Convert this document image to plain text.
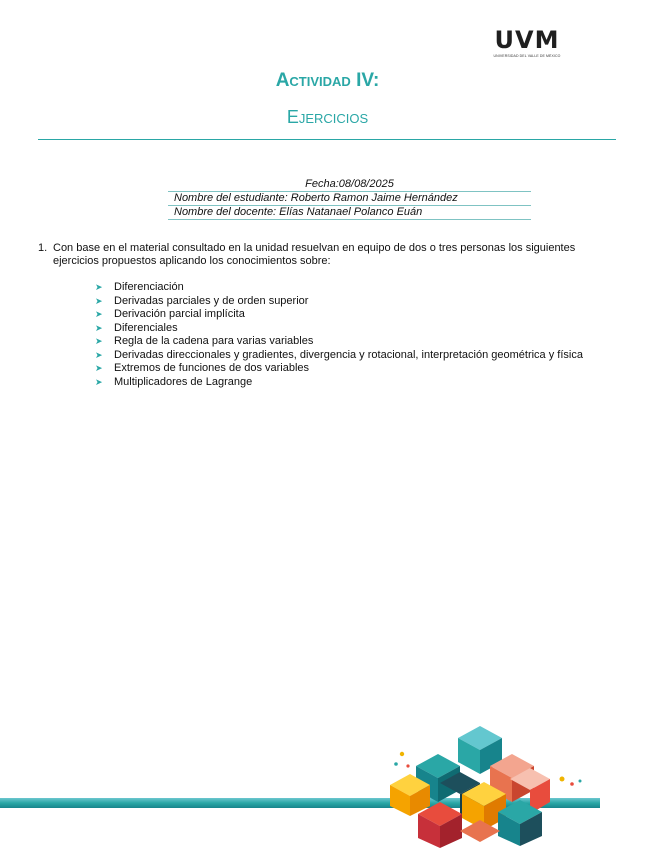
UVM
UNIVERSIDAD DEL VALLE DE MÉXICO
Actividad IV:
Ejercicios
Fecha:08/08/2025
Nombre del estudiante: Roberto Ramon Jaime Hernández
Nombre del docente: Elías Natanael Polanco Euán
1. Con base en el material consultado en la unidad resuelvan en equipo de dos o tres personas los siguientes ejercicios propuestos aplicando los conocimientos sobre:
➤ Diferenciación
➤ Derivadas parciales y de orden superior
➤ Derivación parcial implícita
➤ Diferenciales
➤ Regla de la cadena para varias variables
➤ Derivadas direccionales y gradientes, divergencia y rotacional, interpretación geométrica y física
➤ Extremos de funciones de dos variables
➤ Multiplicadores de Lagrange
